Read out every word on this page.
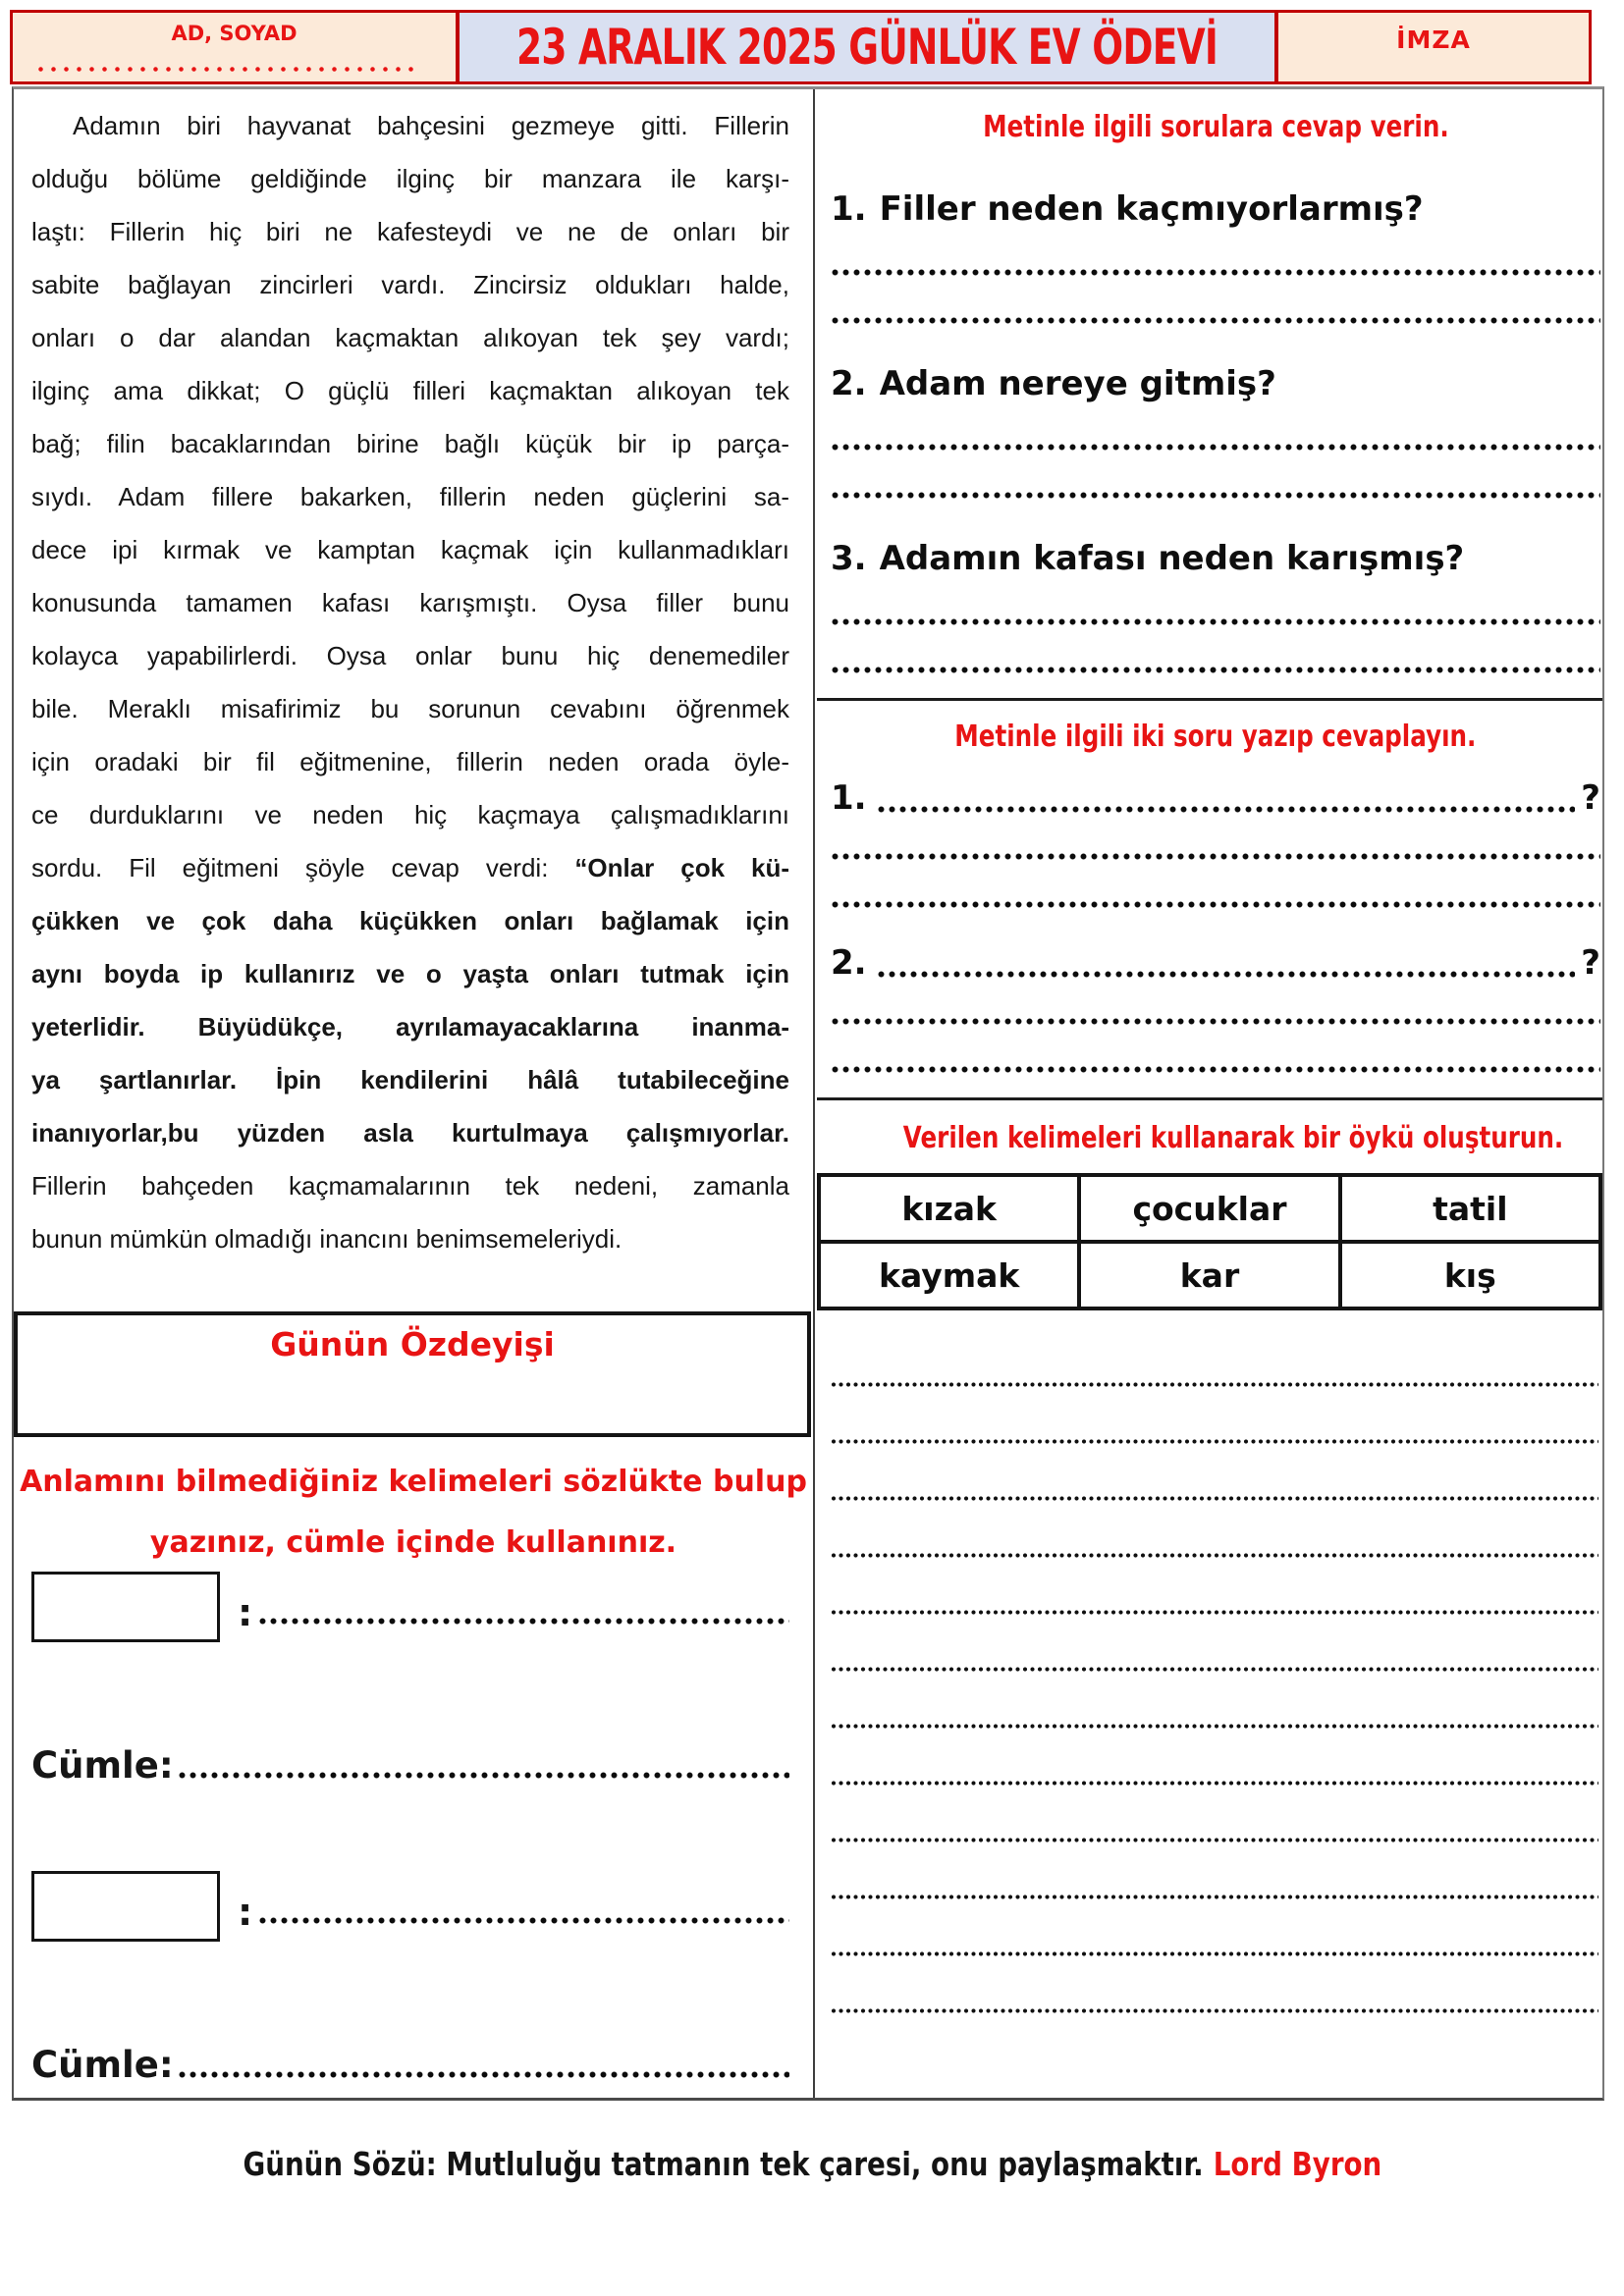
AD, SOYAD	23 ARALIK 2025 GÜNLÜK EV ÖDEVİ	İMZA
Adamın biri hayvanat bahçesini gezmeye gitti. Fillerin
olduğu bölüme geldiğinde ilginç bir manzara ile karşı-
laştı: Fillerin hiç biri ne kafesteydi ve ne de onları bir
sabite bağlayan zincirleri vardı. Zincirsiz oldukları halde,
onları o dar alandan kaçmaktan alıkoyan tek şey vardı;
ilginç ama dikkat; O güçlü filleri kaçmaktan alıkoyan tek
bağ; filin bacaklarından birine bağlı küçük bir ip parça-
sıydı. Adam fillere bakarken, fillerin neden güçlerini sa-
dece ipi kırmak ve kamptan kaçmak için kullanmadıkları
konusunda tamamen kafası karışmıştı. Oysa filler bunu
kolayca yapabilirlerdi. Oysa onlar bunu hiç denemediler
bile. Meraklı misafirimiz bu sorunun cevabını öğrenmek
için oradaki bir fil eğitmenine, fillerin neden orada öyle-
ce durduklarını ve neden hiç kaçmaya çalışmadıklarını
sordu. Fil eğitmeni şöyle cevap verdi: “Onlar çok kü-
çükken ve çok daha küçükken onları bağlamak için
aynı boyda ip kullanırız ve o yaşta onları tutmak için
yeterlidir. Büyüdükçe, ayrılamayacaklarına inanma-
ya şartlanırlar. İpin kendilerini hâlâ tutabileceğine
inanıyorlar,bu yüzden asla kurtulmaya çalışmıyorlar.
Fillerin bahçeden kaçmamalarının tek nedeni, zamanla
bunun mümkün olmadığı inancını benimsemeleriydi.
Günün Özdeyişi
Anlamını bilmediğiniz kelimeleri sözlükte bulup
yazınız, cümle içinde kullanınız.
:
Cümle:
:
Cümle:
Metinle ilgili sorulara cevap verin.
1. Filler neden kaçmıyorlarmış?
2. Adam nereye gitmiş?
3. Adamın kafası neden karışmış?
Metinle ilgili iki soru yazıp cevaplayın.
1.	?
2.	?
Verilen kelimeleri kullanarak bir öykü oluşturun.
kızak	çocuklar	tatil
kaymak	kar	kış
Günün Sözü: Mutluluğu tatmanın tek çaresi, onu paylaşmaktır. Lord Byron
